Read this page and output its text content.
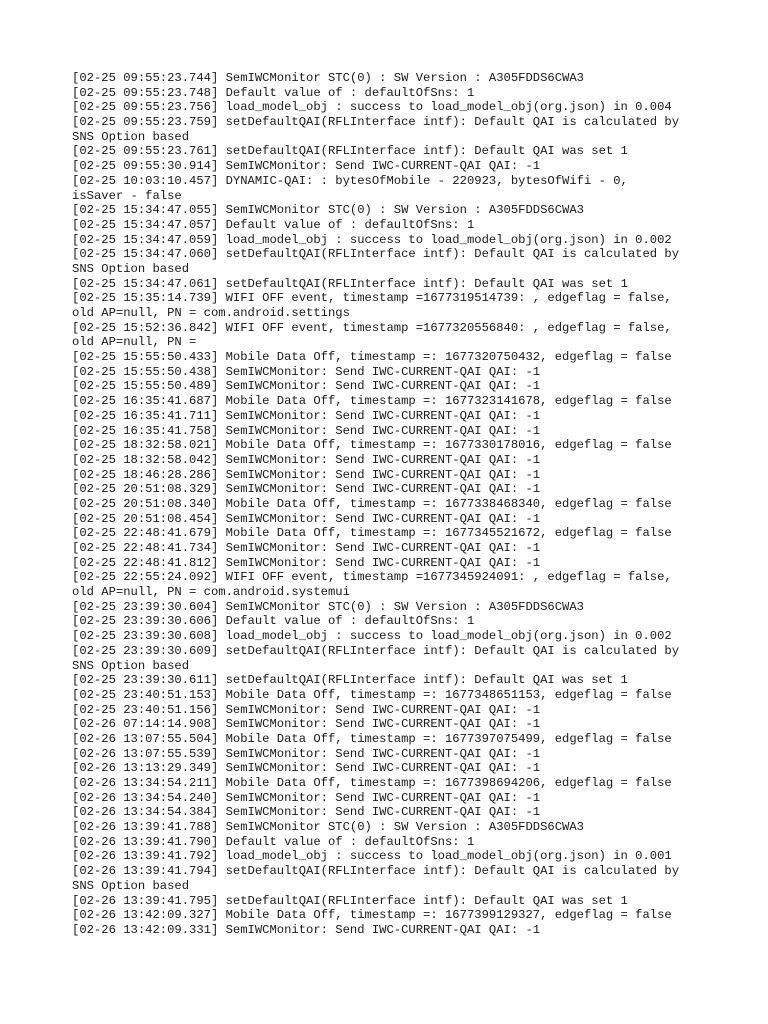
[02-25 09:55:23.744] SemIWCMonitor STC(0) : SW Version : A305FDDS6CWA3
[02-25 09:55:23.748] Default value of : defaultOfSns: 1
[02-25 09:55:23.756] load_model_obj : success to load_model_obj(org.json) in 0.004
[02-25 09:55:23.759] setDefaultQAI(RFLInterface intf): Default QAI is calculated by
SNS Option based
[02-25 09:55:23.761] setDefaultQAI(RFLInterface intf): Default QAI was set 1
[02-25 09:55:30.914] SemIWCMonitor: Send IWC-CURRENT-QAI QAI: -1
[02-25 10:03:10.457] DYNAMIC-QAI: : bytesOfMobile - 220923, bytesOfWifi - 0,
isSaver - false
[02-25 15:34:47.055] SemIWCMonitor STC(0) : SW Version : A305FDDS6CWA3
[02-25 15:34:47.057] Default value of : defaultOfSns: 1
[02-25 15:34:47.059] load_model_obj : success to load_model_obj(org.json) in 0.002
[02-25 15:34:47.060] setDefaultQAI(RFLInterface intf): Default QAI is calculated by
SNS Option based
[02-25 15:34:47.061] setDefaultQAI(RFLInterface intf): Default QAI was set 1
[02-25 15:35:14.739] WIFI OFF event, timestamp =1677319514739: , edgeflag = false,
old AP=null, PN = com.android.settings
[02-25 15:52:36.842] WIFI OFF event, timestamp =1677320556840: , edgeflag = false,
old AP=null, PN =
[02-25 15:55:50.433] Mobile Data Off, timestamp =: 1677320750432, edgeflag = false
[02-25 15:55:50.438] SemIWCMonitor: Send IWC-CURRENT-QAI QAI: -1
[02-25 15:55:50.489] SemIWCMonitor: Send IWC-CURRENT-QAI QAI: -1
[02-25 16:35:41.687] Mobile Data Off, timestamp =: 1677323141678, edgeflag = false
[02-25 16:35:41.711] SemIWCMonitor: Send IWC-CURRENT-QAI QAI: -1
[02-25 16:35:41.758] SemIWCMonitor: Send IWC-CURRENT-QAI QAI: -1
[02-25 18:32:58.021] Mobile Data Off, timestamp =: 1677330178016, edgeflag = false
[02-25 18:32:58.042] SemIWCMonitor: Send IWC-CURRENT-QAI QAI: -1
[02-25 18:46:28.286] SemIWCMonitor: Send IWC-CURRENT-QAI QAI: -1
[02-25 20:51:08.329] SemIWCMonitor: Send IWC-CURRENT-QAI QAI: -1
[02-25 20:51:08.340] Mobile Data Off, timestamp =: 1677338468340, edgeflag = false
[02-25 20:51:08.454] SemIWCMonitor: Send IWC-CURRENT-QAI QAI: -1
[02-25 22:48:41.679] Mobile Data Off, timestamp =: 1677345521672, edgeflag = false
[02-25 22:48:41.734] SemIWCMonitor: Send IWC-CURRENT-QAI QAI: -1
[02-25 22:48:41.812] SemIWCMonitor: Send IWC-CURRENT-QAI QAI: -1
[02-25 22:55:24.092] WIFI OFF event, timestamp =1677345924091: , edgeflag = false,
old AP=null, PN = com.android.systemui
[02-25 23:39:30.604] SemIWCMonitor STC(0) : SW Version : A305FDDS6CWA3
[02-25 23:39:30.606] Default value of : defaultOfSns: 1
[02-25 23:39:30.608] load_model_obj : success to load_model_obj(org.json) in 0.002
[02-25 23:39:30.609] setDefaultQAI(RFLInterface intf): Default QAI is calculated by
SNS Option based
[02-25 23:39:30.611] setDefaultQAI(RFLInterface intf): Default QAI was set 1
[02-25 23:40:51.153] Mobile Data Off, timestamp =: 1677348651153, edgeflag = false
[02-25 23:40:51.156] SemIWCMonitor: Send IWC-CURRENT-QAI QAI: -1
[02-26 07:14:14.908] SemIWCMonitor: Send IWC-CURRENT-QAI QAI: -1
[02-26 13:07:55.504] Mobile Data Off, timestamp =: 1677397075499, edgeflag = false
[02-26 13:07:55.539] SemIWCMonitor: Send IWC-CURRENT-QAI QAI: -1
[02-26 13:13:29.349] SemIWCMonitor: Send IWC-CURRENT-QAI QAI: -1
[02-26 13:34:54.211] Mobile Data Off, timestamp =: 1677398694206, edgeflag = false
[02-26 13:34:54.240] SemIWCMonitor: Send IWC-CURRENT-QAI QAI: -1
[02-26 13:34:54.384] SemIWCMonitor: Send IWC-CURRENT-QAI QAI: -1
[02-26 13:39:41.788] SemIWCMonitor STC(0) : SW Version : A305FDDS6CWA3
[02-26 13:39:41.790] Default value of : defaultOfSns: 1
[02-26 13:39:41.792] load_model_obj : success to load_model_obj(org.json) in 0.001
[02-26 13:39:41.794] setDefaultQAI(RFLInterface intf): Default QAI is calculated by
SNS Option based
[02-26 13:39:41.795] setDefaultQAI(RFLInterface intf): Default QAI was set 1
[02-26 13:42:09.327] Mobile Data Off, timestamp =: 1677399129327, edgeflag = false
[02-26 13:42:09.331] SemIWCMonitor: Send IWC-CURRENT-QAI QAI: -1
